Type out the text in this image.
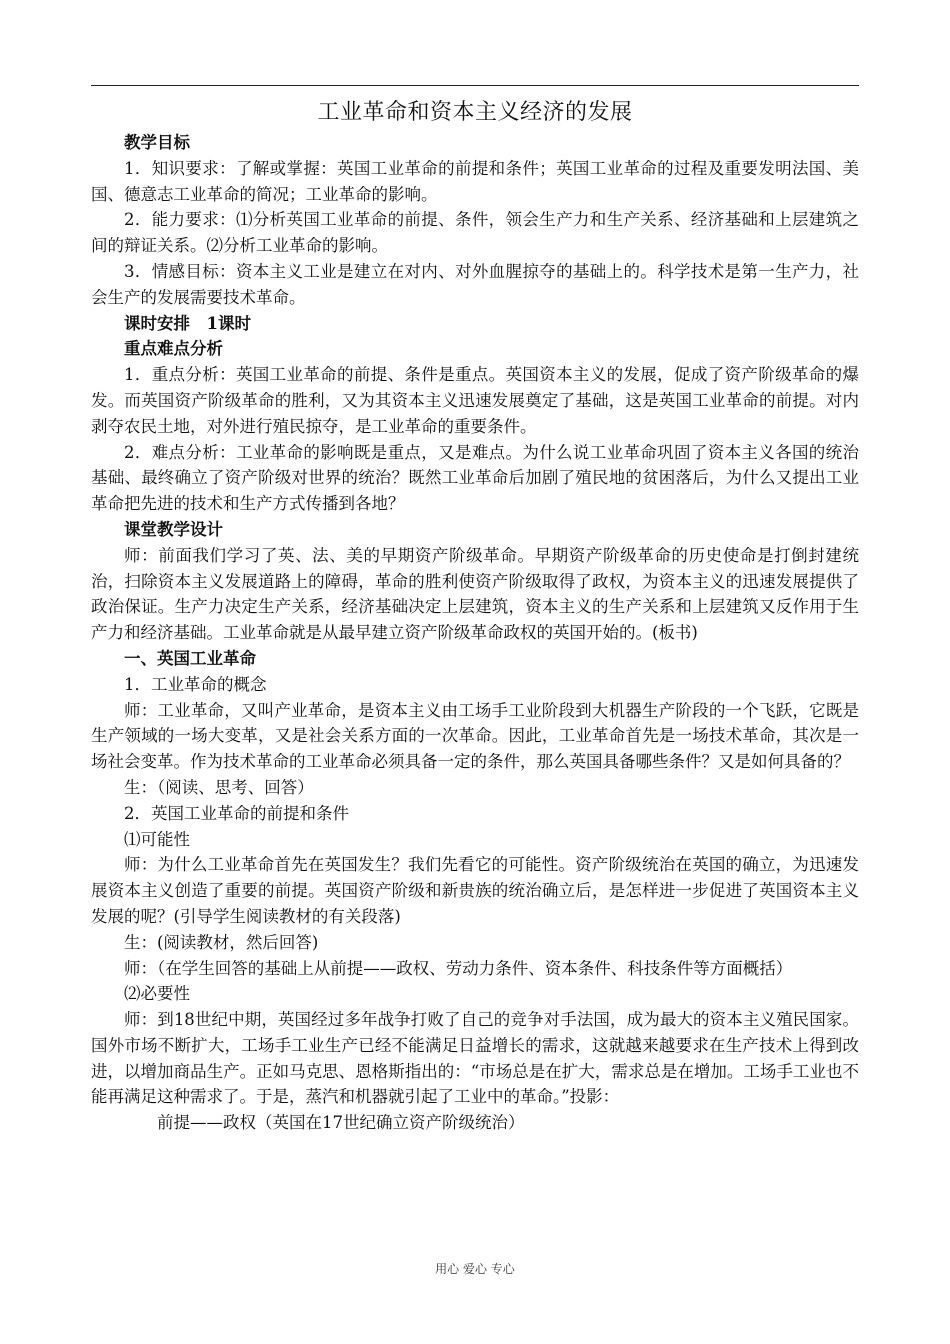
工业革命和资本主义经济的发展

教学目标

1．知识要求：了解或掌握：英国工业革命的前提和条件；英国工业革命的过程及重要发明法国、美国、德意志工业革命的简况；工业革命的影响。

2．能力要求：⑴分析英国工业革命的前提、条件，领会生产力和生产关系、经济基础和上层建筑之间的辩证关系。⑵分析工业革命的影响。

3．情感目标：资本主义工业是建立在对内、对外血腥掠夺的基础上的。科学技术是第一生产力，社会生产的发展需要技术革命。

课时安排　1课时

重点难点分析

1．重点分析：英国工业革命的前提、条件是重点。英国资本主义的发展，促成了资产阶级革命的爆发。而英国资产阶级革命的胜利，又为其资本主义迅速发展奠定了基础，这是英国工业革命的前提。对内剥夺农民土地，对外进行殖民掠夺，是工业革命的重要条件。

2．难点分析：工业革命的影响既是重点，又是难点。为什么说工业革命巩固了资本主义各国的统治基础、最终确立了资产阶级对世界的统治？既然工业革命后加剧了殖民地的贫困落后，为什么又提出工业革命把先进的技术和生产方式传播到各地？

课堂教学设计

师：前面我们学习了英、法、美的早期资产阶级革命。早期资产阶级革命的历史使命是打倒封建统治，扫除资本主义发展道路上的障碍，革命的胜利使资产阶级取得了政权，为资本主义的迅速发展提供了政治保证。生产力决定生产关系，经济基础决定上层建筑，资本主义的生产关系和上层建筑又反作用于生产力和经济基础。工业革命就是从最早建立资产阶级革命政权的英国开始的。(板书)

一、英国工业革命

1．工业革命的概念

师：工业革命，又叫产业革命，是资本主义由工场手工业阶段到大机器生产阶段的一个飞跃，它既是生产领域的一场大变革，又是社会关系方面的一次革命。因此，工业革命首先是一场技术革命，其次是一场社会变革。作为技术革命的工业革命必须具备一定的条件，那么英国具备哪些条件？又是如何具备的？

生：（阅读、思考、回答）

2．英国工业革命的前提和条件

⑴可能性

师：为什么工业革命首先在英国发生？我们先看它的可能性。资产阶级统治在英国的确立，为迅速发展资本主义创造了重要的前提。英国资产阶级和新贵族的统治确立后，是怎样进一步促进了英国资本主义发展的呢？(引导学生阅读教材的有关段落)

生：(阅读教材，然后回答)

师：（在学生回答的基础上从前提——政权、劳动力条件、资本条件、科技条件等方面概括）

⑵必要性

师：到18世纪中期，英国经过多年战争打败了自己的竞争对手法国，成为最大的资本主义殖民国家。国外市场不断扩大，工场手工业生产已经不能满足日益增长的需求，这就越来越要求在生产技术上得到改进，以增加商品生产。正如马克思、恩格斯指出的：“市场总是在扩大，需求总是在增加。工场手工业也不能再满足这种需求了。于是，蒸汽和机器就引起了工业中的革命。”投影：

前提——政权（英国在17世纪确立资产阶级统治）

用心 爱心 专心
